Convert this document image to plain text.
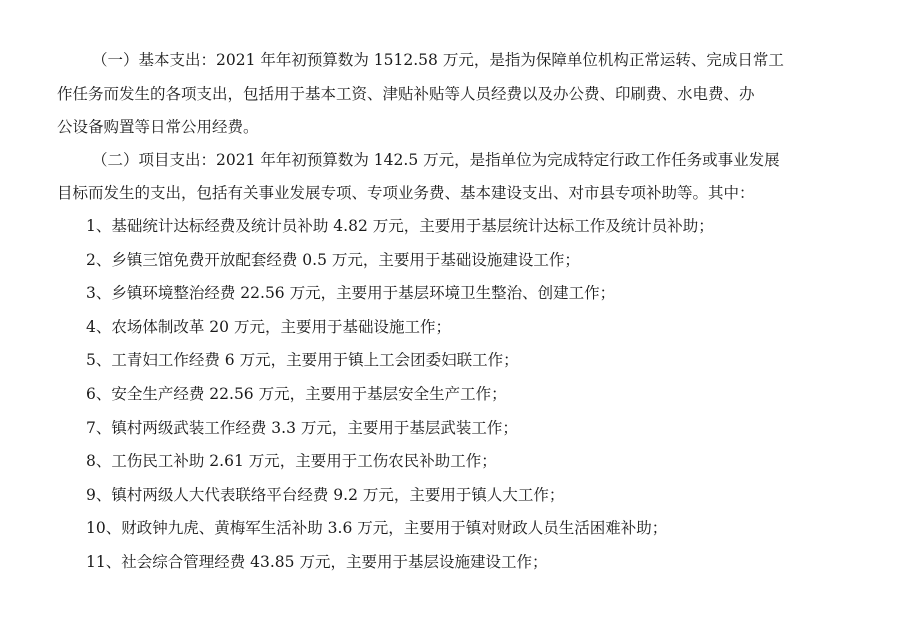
（一）基本支出：2021 年年初预算数为 1512.58 万元，是指为保障单位机构正常运转、完成日常工
作任务而发生的各项支出，包括用于基本工资、津贴补贴等人员经费以及办公费、印刷费、水电费、办
公设备购置等日常公用经费。
（二）项目支出：2021 年年初预算数为 142.5 万元，是指单位为完成特定行政工作任务或事业发展
目标而发生的支出，包括有关事业发展专项、专项业务费、基本建设支出、对市县专项补助等。其中：
1、基础统计达标经费及统计员补助 4.82 万元，主要用于基层统计达标工作及统计员补助；
2、乡镇三馆免费开放配套经费 0.5 万元，主要用于基础设施建设工作；
3、乡镇环境整治经费 22.56 万元，主要用于基层环境卫生整治、创建工作；
4、农场体制改革 20 万元，主要用于基础设施工作；
5、工青妇工作经费 6 万元，主要用于镇上工会团委妇联工作；
6、安全生产经费 22.56 万元，主要用于基层安全生产工作；
7、镇村两级武装工作经费 3.3 万元，主要用于基层武装工作；
8、工伤民工补助 2.61 万元，主要用于工伤农民补助工作；
9、镇村两级人大代表联络平台经费 9.2 万元，主要用于镇人大工作；
10、财政钟九虎、黄梅军生活补助 3.6 万元，主要用于镇对财政人员生活困难补助；
11、社会综合管理经费 43.85 万元，主要用于基层设施建设工作；
